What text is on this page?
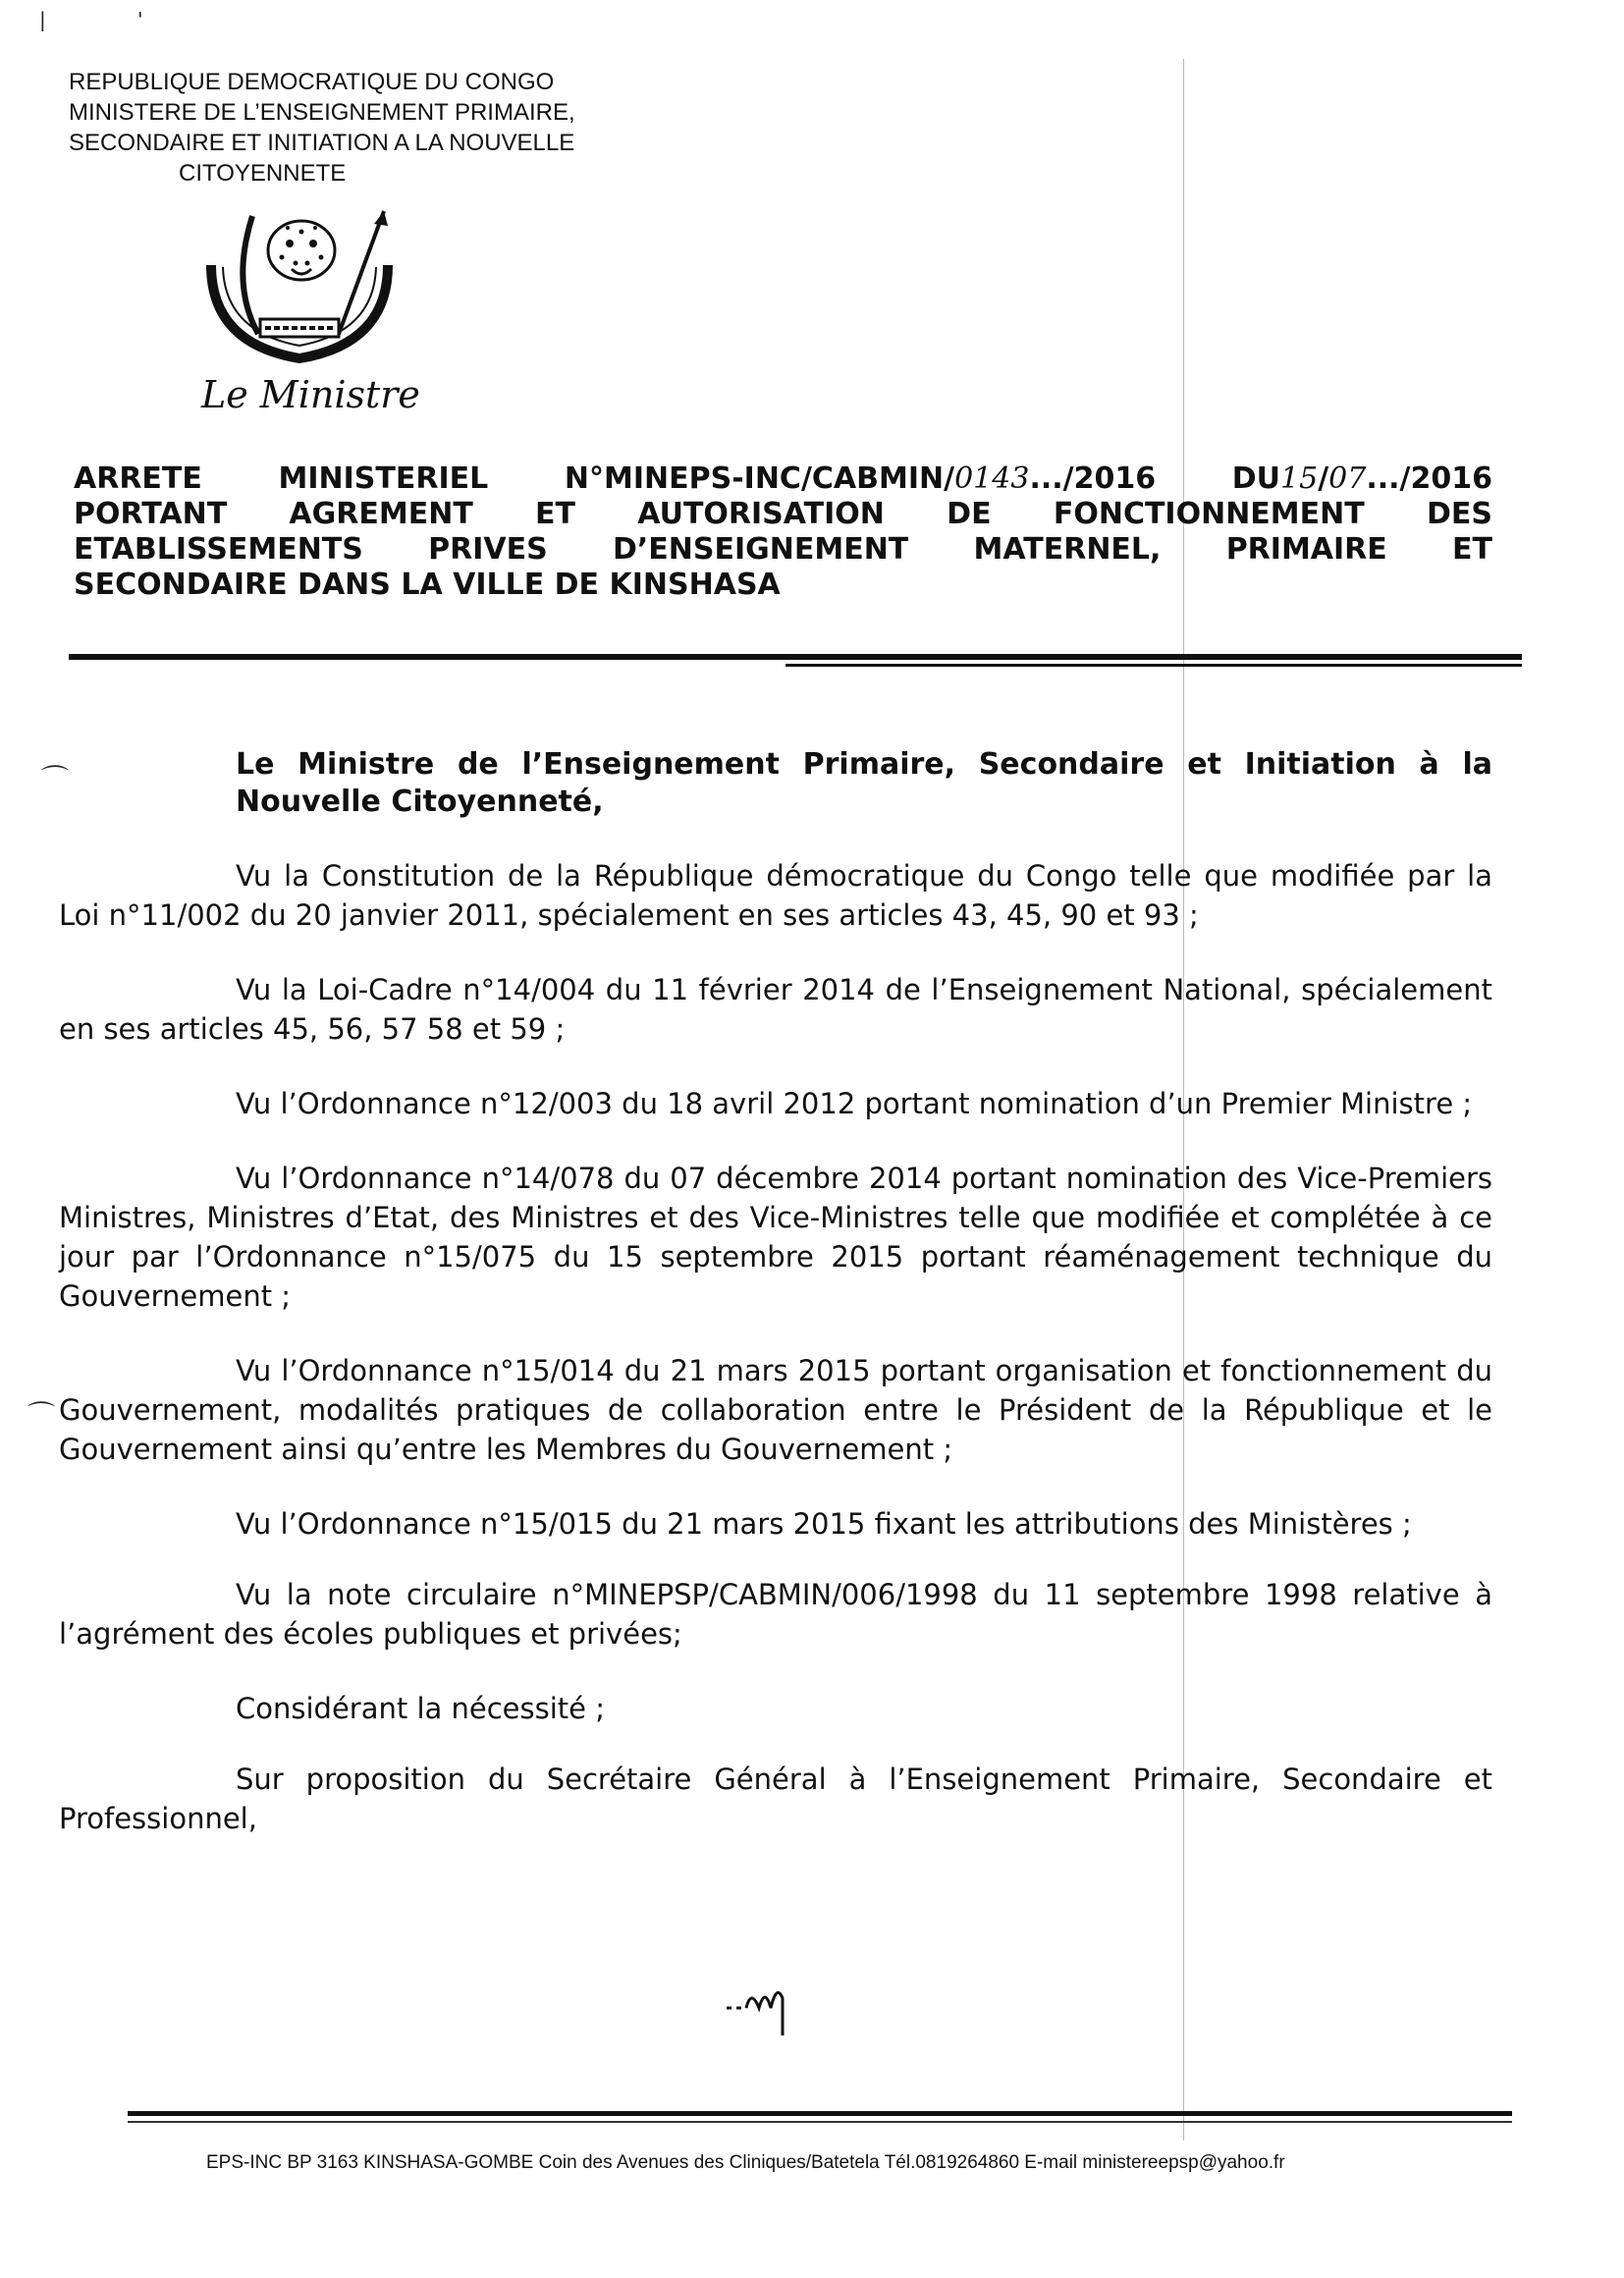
⌒
⌒
|	'
REPUBLIQUE DEMOCRATIQUE DU CONGO
MINISTERE DE L’ENSEIGNEMENT PRIMAIRE,
SECONDAIRE ET INITIATION A LA NOUVELLE
CITOYENNETE
Le Ministre
ARRETE MINISTERIEL N°MINEPS-INC/CABMIN/0143.../2016 DU15/07.../2016
PORTANT AGREMENT ET AUTORISATION DE FONCTIONNEMENT DES
ETABLISSEMENTS PRIVES D’ENSEIGNEMENT MATERNEL, PRIMAIRE ET
SECONDAIRE DANS LA VILLE DE KINSHASA
Le Ministre de l’Enseignement Primaire, Secondaire et Initiation à la Nouvelle Citoyenneté,

Vu la Constitution de la République démocratique du Congo telle que modifiée par la Loi n°11/002 du 20 janvier 2011, spécialement en ses articles 43, 45, 90 et 93 ;

Vu la Loi-Cadre n°14/004 du 11 février 2014 de l’Enseignement National, spécialement en ses articles 45, 56, 57 58 et 59 ;

Vu l’Ordonnance n°12/003 du 18 avril 2012 portant nomination d’un Premier Ministre ;

Vu l’Ordonnance n°14/078 du 07 décembre 2014 portant nomination des Vice-Premiers Ministres, Ministres d’Etat, des Ministres et des Vice-Ministres telle que modifiée et complétée à ce jour par l’Ordonnance n°15/075 du 15 septembre 2015 portant réaménagement technique du Gouvernement ;

Vu l’Ordonnance n°15/014 du 21 mars 2015 portant organisation et fonctionnement du Gouvernement, modalités pratiques de collaboration entre le Président de la République et le Gouvernement ainsi qu’entre les Membres du Gouvernement ;

Vu l’Ordonnance n°15/015 du 21 mars 2015 fixant les attributions des Ministères ;

Vu la note circulaire n°MINEPSP/CABMIN/006/1998 du 11 septembre 1998 relative à l’agrément des écoles publiques et privées;

Considérant la nécessité ;

Sur proposition du Secrétaire Général à l’Enseignement Primaire, Secondaire et Professionnel,

EPS-INC BP 3163 KINSHASA-GOMBE Coin des Avenues des Cliniques/Batetela Tél.0819264860 E-mail ministereepsp@yahoo.fr
